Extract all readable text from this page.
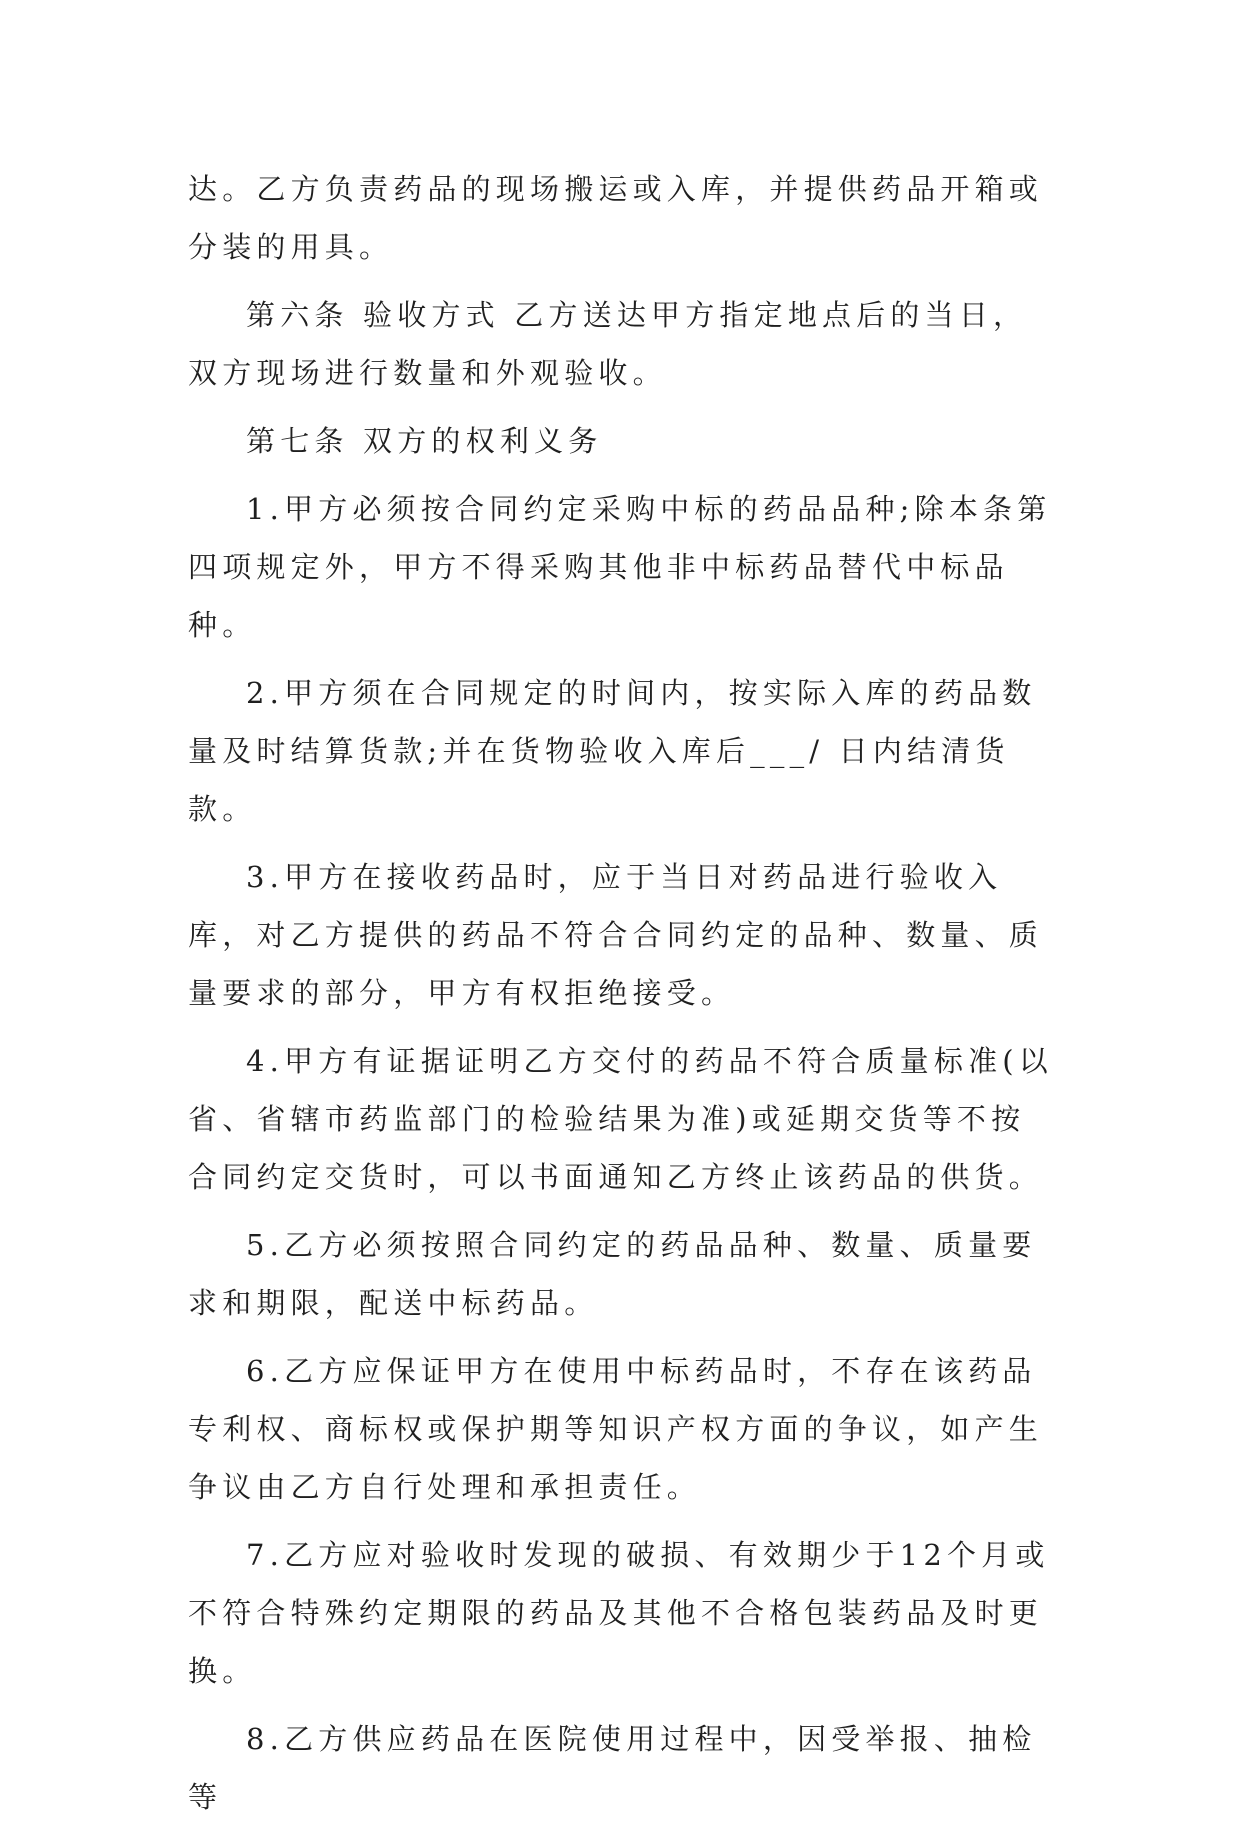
达。乙方负责药品的现场搬运或入库，并提供药品开箱或分装的用具。

第六条 验收方式 乙方送达甲方指定地点后的当日，双方现场进行数量和外观验收。

第七条 双方的权利义务

1.甲方必须按合同约定采购中标的药品品种;除本条第四项规定外，甲方不得采购其他非中标药品替代中标品种。

2.甲方须在合同规定的时间内，按实际入库的药品数量及时结算货款;并在货物验收入库后___/ 日内结清货款。

3.甲方在接收药品时，应于当日对药品进行验收入库，对乙方提供的药品不符合合同约定的品种、数量、质量要求的部分，甲方有权拒绝接受。

4.甲方有证据证明乙方交付的药品不符合质量标准(以省、省辖市药监部门的检验结果为准)或延期交货等不按合同约定交货时，可以书面通知乙方终止该药品的供货。

5.乙方必须按照合同约定的药品品种、数量、质量要求和期限，配送中标药品。

6.乙方应保证甲方在使用中标药品时，不存在该药品专利权、商标权或保护期等知识产权方面的争议，如产生争议由乙方自行处理和承担责任。

7.乙方应对验收时发现的破损、有效期少于12个月或不符合特殊约定期限的药品及其他不合格包装药品及时更换。

8.乙方供应药品在医院使用过程中，因受举报、抽检等
